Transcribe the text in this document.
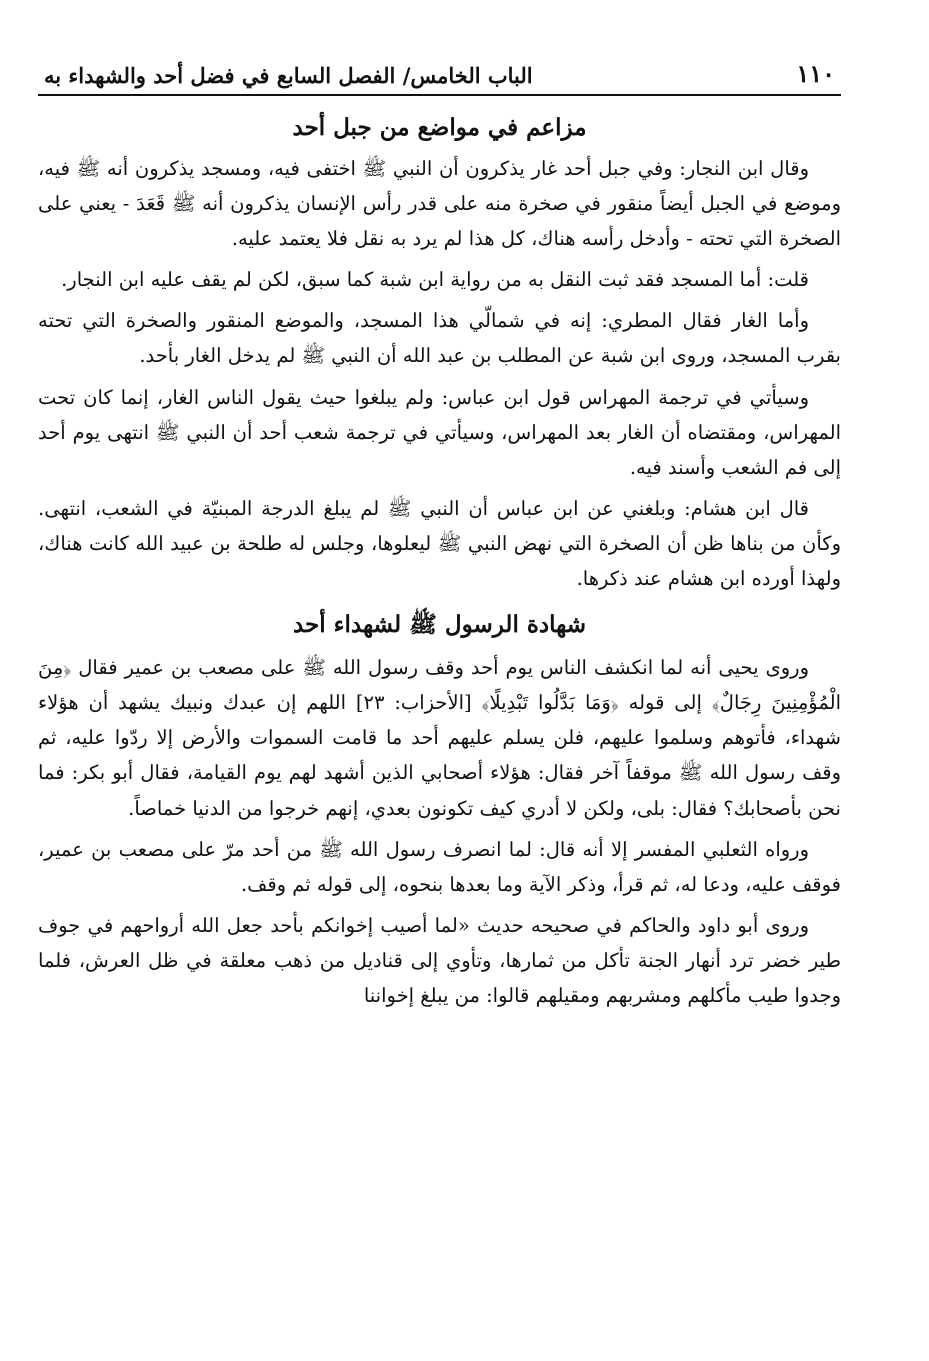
١١٠
الباب الخامس/ الفصل السابع في فضل أحد والشهداء به
مزاعم في مواضع من جبل أحد

وقال ابن النجار: وفي جبل أحد غار يذكرون أن النبي ﷺ اختفى فيه، ومسجد يذكرون أنه ﷺ فيه، وموضع في الجبل أيضاً منقور في صخرة منه على قدر رأس الإنسان يذكرون أنه ﷺ قَعَدَ - يعني على الصخرة التي تحته - وأدخل رأسه هناك، كل هذا لم يرد به نقل فلا يعتمد عليه.

قلت: أما المسجد فقد ثبت النقل به من رواية ابن شبة كما سبق، لكن لم يقف عليه ابن النجار.

وأما الغار فقال المطري: إنه في شمالّي هذا المسجد، والموضع المنقور والصخرة التي تحته بقرب المسجد، وروى ابن شبة عن المطلب بن عبد الله أن النبي ﷺ لم يدخل الغار بأحد.

وسيأتي في ترجمة المهراس قول ابن عباس: ولم يبلغوا حيث يقول الناس الغار، إنما كان تحت المهراس، ومقتضاه أن الغار بعد المهراس، وسيأتي في ترجمة شعب أحد أن النبي ﷺ انتهى يوم أحد إلى فم الشعب وأسند فيه.

قال ابن هشام: وبلغني عن ابن عباس أن النبي ﷺ لم يبلغ الدرجة المبنيّة في الشعب، انتهى. وكأن من بناها ظن أن الصخرة التي نهض النبي ﷺ ليعلوها، وجلس له طلحة بن عبيد الله كانت هناك، ولهذا أورده ابن هشام عند ذكرها.

شهادة الرسول ﷺ لشهداء أحد

وروى يحيى أنه لما انكشف الناس يوم أحد وقف رسول الله ﷺ على مصعب بن عمير فقال ﴿مِنَ الْمُؤْمِنِينَ رِجَالٌ﴾ إلى قوله ﴿وَمَا بَدَّلُوا تَبْدِيلًا﴾ [الأحزاب: ٢٣] اللهم إن عبدك ونبيك يشهد أن هؤلاء شهداء، فأتوهم وسلموا عليهم، فلن يسلم عليهم أحد ما قامت السموات والأرض إلا ردّوا عليه، ثم وقف رسول الله ﷺ موقفاً آخر فقال: هؤلاء أصحابي الذين أشهد لهم يوم القيامة، فقال أبو بكر: فما نحن بأصحابك؟ فقال: بلى، ولكن لا أدري كيف تكونون بعدي، إنهم خرجوا من الدنيا خماصاً.

ورواه الثعلبي المفسر إلا أنه قال: لما انصرف رسول الله ﷺ من أحد مرّ على مصعب بن عمير، فوقف عليه، ودعا له، ثم قرأ، وذكر الآية وما بعدها بنحوه، إلى قوله ثم وقف.

وروى أبو داود والحاكم في صحيحه حديث «لما أصيب إخوانكم بأحد جعل الله أرواحهم في جوف طير خضر ترد أنهار الجنة تأكل من ثمارها، وتأوي إلى قناديل من ذهب معلقة في ظل العرش، فلما وجدوا طيب مأكلهم ومشربهم ومقيلهم قالوا: من يبلغ إخواننا
